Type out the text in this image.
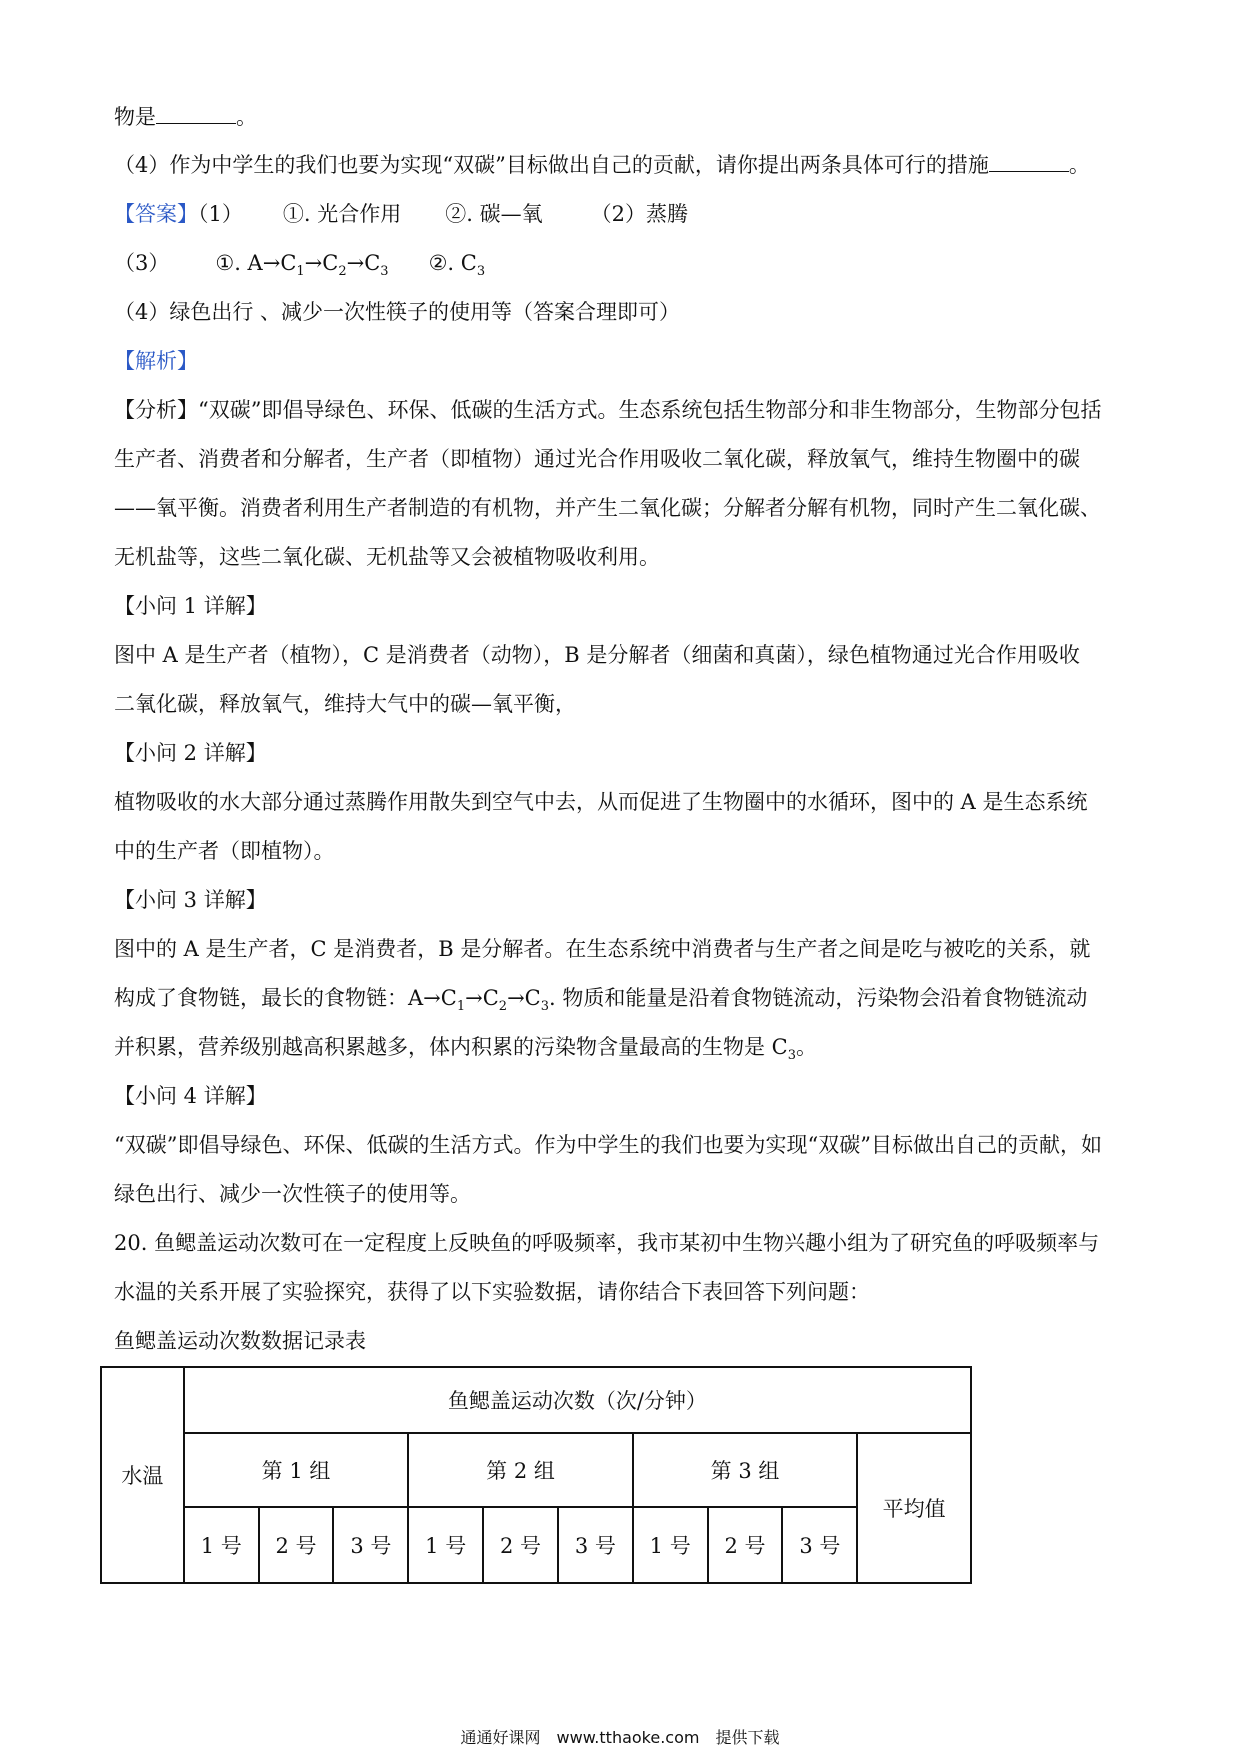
物是	。
（4）作为中学生的我们也要为实现“双碳”目标做出自己的贡献，请你提出两条具体可行的措施	。
【答案】（1） ①. 光合作用 ②. 碳—氧 （2）蒸腾
（3） ①. $A\to C_1\to C_2\to C_3$ ②. $C_3$
（4）绿色出行 、减少一次性筷子的使用等（答案合理即可）
【解析】
【分析】“双碳”即倡导绿色、环保、低碳的生活方式。生态系统包括生物部分和非生物部分，生物部分包括
生产者、消费者和分解者，生产者（即植物）通过光合作用吸收二氧化碳，释放氧气，维持生物圈中的碳
——氧平衡。消费者利用生产者制造的有机物，并产生二氧化碳；分解者分解有机物，同时产生二氧化碳、
无机盐等，这些二氧化碳、无机盐等又会被植物吸收利用。
【小问 1 详解】
图中 A 是生产者（植物），C 是消费者（动物），B 是分解者（细菌和真菌），绿色植物通过光合作用吸收
二氧化碳，释放氧气，维持大气中的碳—氧平衡，
【小问 2 详解】
植物吸收的水大部分通过蒸腾作用散失到空气中去，从而促进了生物圈中的水循环，图中的 A 是生态系统
中的生产者（即植物）。
【小问 3 详解】
图中的 A 是生产者，C 是消费者，B 是分解者。在生态系统中消费者与生产者之间是吃与被吃的关系，就
构成了食物链，最长的食物链：$A\to C_1\to C_2\to C_3$. 物质和能量是沿着食物链流动，污染物会沿着食物链流动
并积累，营养级别越高积累越多，体内积累的污染物含量最高的生物是 $C_3$。
【小问 4 详解】
“双碳”即倡导绿色、环保、低碳的生活方式。作为中学生的我们也要为实现“双碳”目标做出自己的贡献，如
绿色出行、减少一次性筷子的使用等。
20. 鱼鳃盖运动次数可在一定程度上反映鱼的呼吸频率，我市某初中生物兴趣小组为了研究鱼的呼吸频率与
水温的关系开展了实验探究，获得了以下实验数据，请你结合下表回答下列问题：
鱼鳃盖运动次数数据记录表
水温	鱼鳃盖运动次数（次/分钟）									
	第 1 组			第 2 组			第 3 组			平均值
	1 号	2 号	3 号	1 号	2 号	3 号	1 号	2 号	3 号	
通通好课网　www.tthaoke.com　提供下载
